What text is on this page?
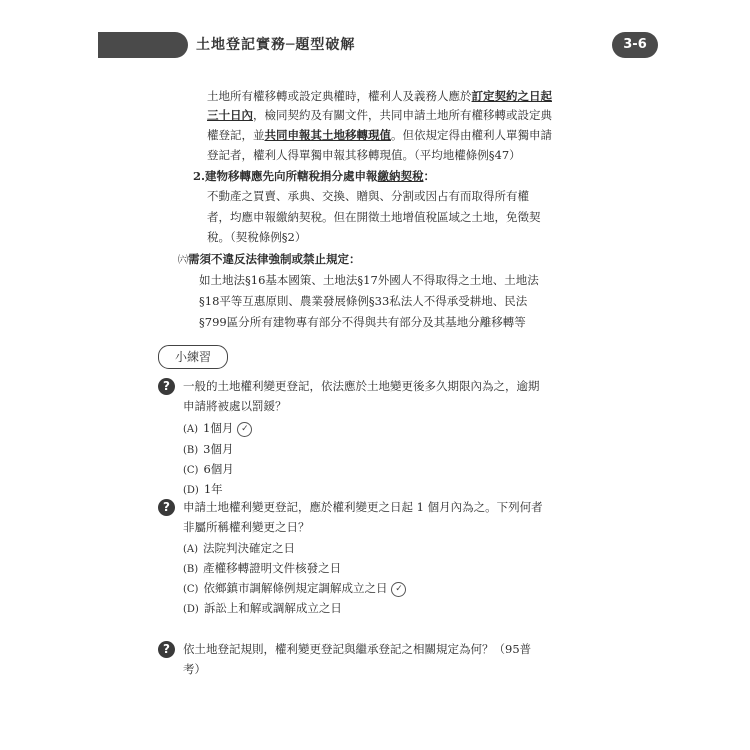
3-6
土地登記實務─題型破解
土地所有權移轉或設定典權時，權利人及義務人應於訂定契約之日起
三十日內，檢同契約及有關文件，共同申請土地所有權移轉或設定典
權登記，並共同申報其土地移轉現值。但依規定得由權利人單獨申請
登記者，權利人得單獨申報其移轉現值。（平均地權條例§47）
2.建物移轉應先向所轄稅捐分處申報繳納契稅：
不動產之買賣、承典、交換、贈與、分割或因占有而取得所有權
者，均應申報繳納契稅。但在開徵土地增值稅區域之土地，免徵契
稅。（契稅條例§2）
㈥需須不違反法律強制或禁止規定：
如土地法§16基本國策、土地法§17外國人不得取得之土地、土地法
§18平等互惠原則、農業發展條例§33私法人不得承受耕地、民法
§799區分所有建物專有部分不得與共有部分及其基地分離移轉等
小練習
?	一般的土地權利變更登記，依法應於土地變更後多久期限內為之，逾期
申請將被處以罰鍰？
(A) 1個月 ✓
(B) 3個月
(C) 6個月
(D) 1年
?	申請土地權利變更登記，應於權利變更之日起 1 個月內為之。下列何者
非屬所稱權利變更之日？
(A) 法院判決確定之日
(B) 產權移轉證明文件核發之日
(C) 依鄉鎮市調解條例規定調解成立之日 ✓
(D) 訴訟上和解或調解成立之日
?	依土地登記規則，權利變更登記與繼承登記之相關規定為何？（95普
考）
